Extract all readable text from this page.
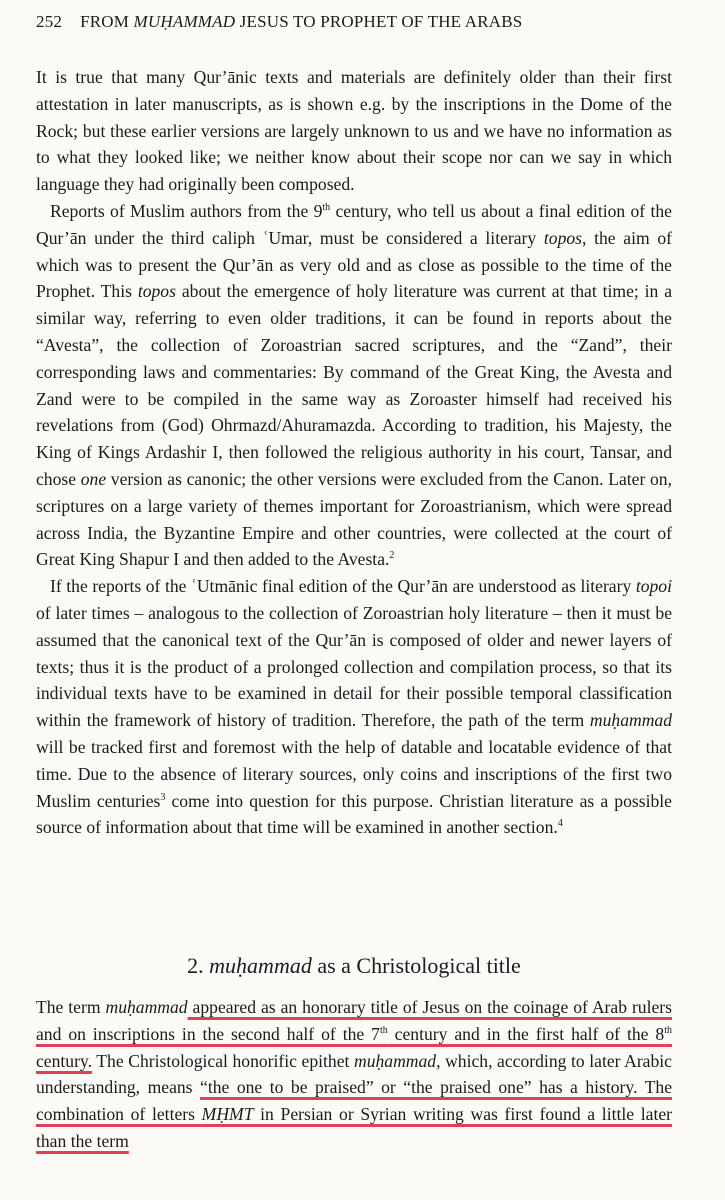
252 FROM MUḤAMMAD JESUS TO PROPHET OF THE ARABS

It is true that many Qur’ānic texts and materials are definitely older than their first attestation in later manuscripts, as is shown e.g. by the inscriptions in the Dome of the Rock; but these earlier versions are largely unknown to us and we have no information as to what they looked like; we neither know about their scope nor can we say in which language they had originally been composed.

Reports of Muslim authors from the 9th century, who tell us about a final edition of the Qur’ān under the third caliph ʿUmar, must be considered a literary topos, the aim of which was to present the Qur’ān as very old and as close as possible to the time of the Prophet. This topos about the emergence of holy literature was current at that time; in a similar way, referring to even older traditions, it can be found in reports about the “Avesta”, the collection of Zoroastrian sacred scriptures, and the “Zand”, their corresponding laws and commentaries: By command of the Great King, the Avesta and Zand were to be compiled in the same way as Zoroaster himself had received his revelations from (God) Ohrmazd/Ahuramazda. According to tradition, his Majesty, the King of Kings Ardashir I, then followed the religious authority in his court, Tansar, and chose one version as canonic; the other versions were excluded from the Canon. Later on, scriptures on a large variety of themes important for Zoroastrianism, which were spread across India, the Byzantine Empire and other countries, were collected at the court of Great King Shapur I and then added to the Avesta.$^2$

If the reports of the ʿUtmānic final edition of the Qur’ān are understood as literary topoi of later times – analogous to the collection of Zoroastrian holy literature – then it must be assumed that the canonical text of the Qur’ān is composed of older and newer layers of texts; thus it is the product of a prolonged collection and compilation process, so that its individual texts have to be examined in detail for their possible temporal classification within the framework of history of tradition. Therefore, the path of the term muḥammad will be tracked first and foremost with the help of datable and locatable evidence of that time. Due to the absence of literary sources, only coins and inscriptions of the first two Muslim centuries$^3$ come into question for this purpose. Christian literature as a possible source of information about that time will be examined in another section.$^4$

2. muḥammad as a Christological title
The term muḥammad appeared as an honorary title of Jesus on the coinage of Arab rulers and on inscriptions in the second half of the 7th century and in the first half of the 8th century. The Christological honorific epithet muḥammad, which, according to later Arabic understanding, means “the one to be praised” or “the praised one” has a history. The combination of letters MḤMT in Persian or Syrian writing was first found a little later than the term
